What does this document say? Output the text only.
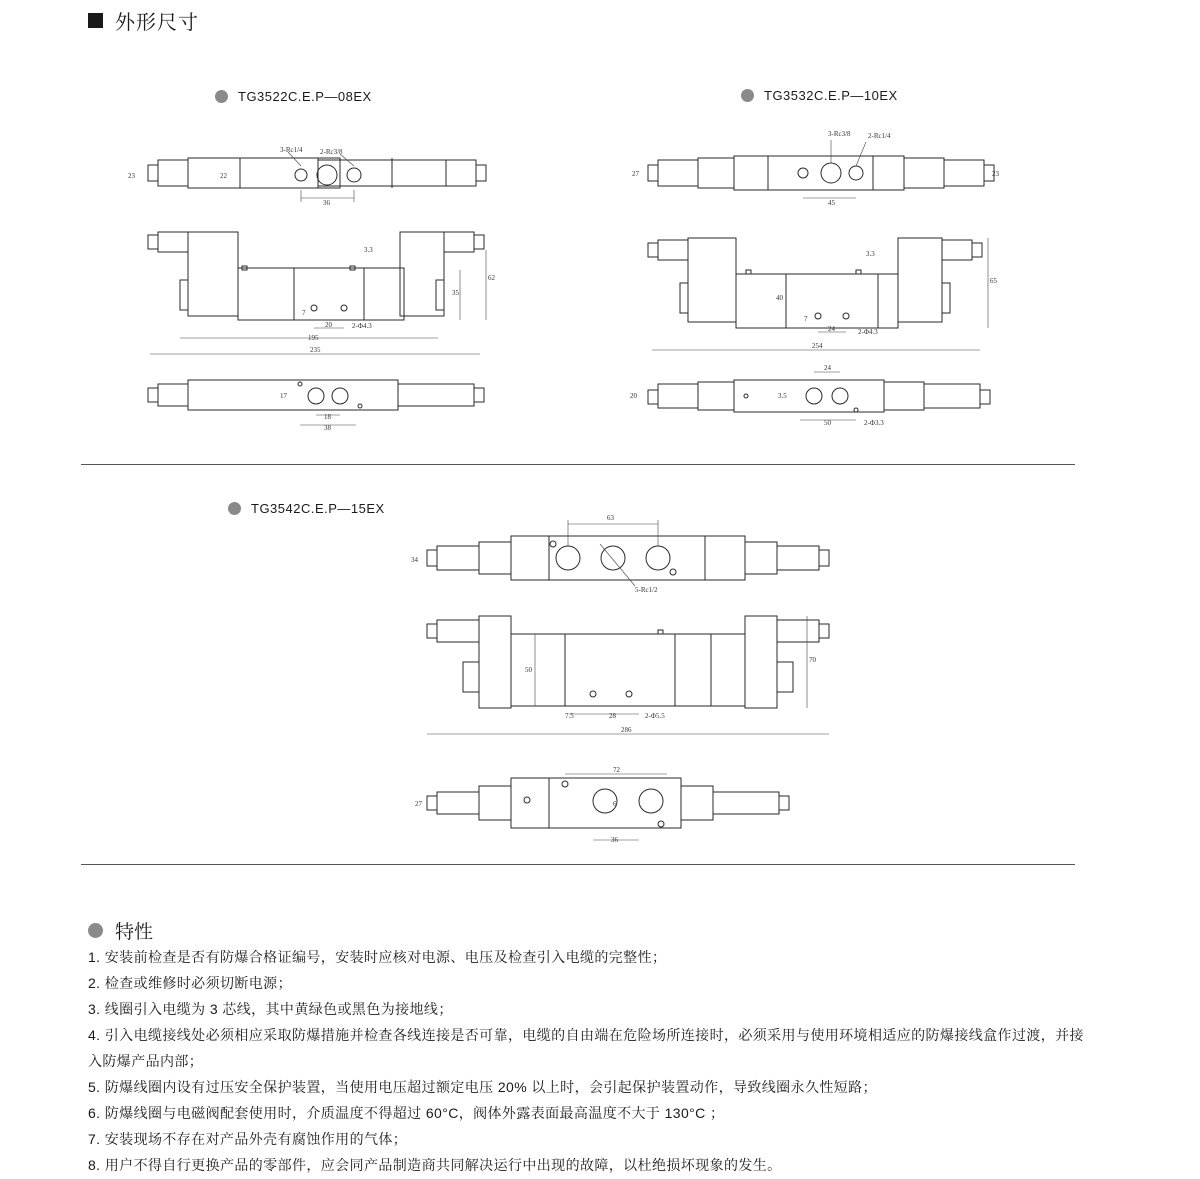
外形尺寸
TG3522C.E.P—08EX	TG3532C.E.P—10EX
TG3542C.E.P—15EX
36
3-Rc1/4 2-Rc3/8
23	22
195
235
20	2-Φ4.3
3.3
35
62
7
18
38
17
45
3-Rc3/8 2-Rc1/4
27	23
254
24	2-Φ4.3
3.3
40
65
7
24
50
20	3.5
2-Φ3.3
63
5-Rc1/2
34
286
7.5	28	2-Φ5.5
50
70
72
36
27	6
特性
1. 安装前检查是否有防爆合格证编号，安装时应核对电源、电压及检查引入电缆的完整性；
2. 检查或维修时必须切断电源；
3. 线圈引入电缆为 3 芯线，其中黄绿色或黑色为接地线；
4. 引入电缆接线处必须相应采取防爆措施并检查各线连接是否可靠，电缆的自由端在危险场所连接时，必须采用与使用环境相适应的防爆接线盒作过渡，并接入防爆产品内部；
5. 防爆线圈内设有过压安全保护装置，当使用电压超过额定电压 20% 以上时，会引起保护装置动作，导致线圈永久性短路；
6. 防爆线圈与电磁阀配套使用时，介质温度不得超过 60°C，阀体外露表面最高温度不大于 130°C ；
7. 安装现场不存在对产品外壳有腐蚀作用的气体；
8. 用户不得自行更换产品的零部件，应会同产品制造商共同解决运行中出现的故障，以杜绝损坏现象的发生。
